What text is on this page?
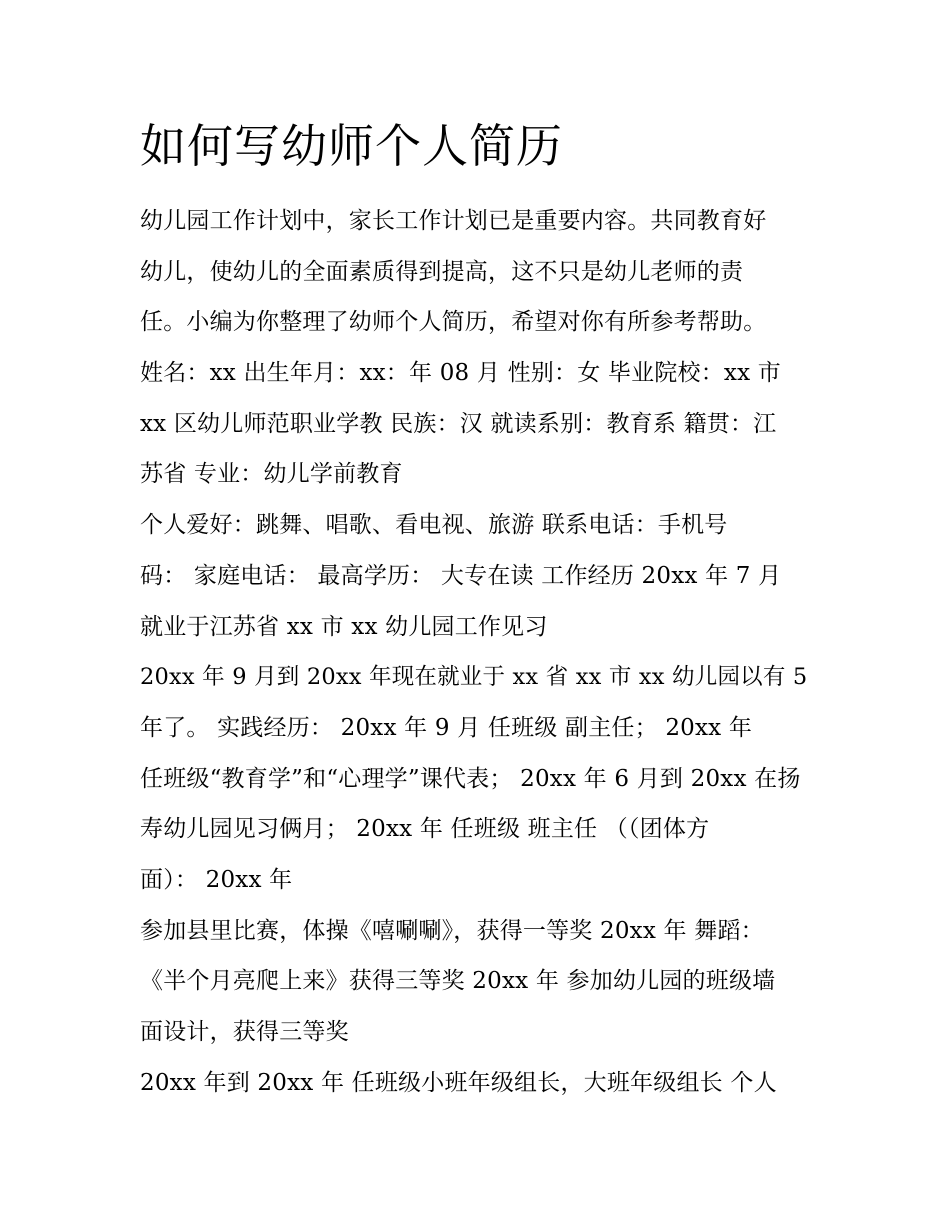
如何写幼师个人简历
幼儿园工作计划中，家长工作计划已是重要内容。共同教育好
幼儿，使幼儿的全面素质得到提高，这不只是幼儿老师的责
任。小编为你整理了幼师个人简历，希望对你有所参考帮助。
姓名：xx 出生年月：xx：年 08 月 性别：女 毕业院校：xx 市
xx 区幼儿师范职业学教 民族：汉 就读系别：教育系 籍贯：江
苏省 专业：幼儿学前教育
个人爱好：跳舞、唱歌、看电视、旅游 联系电话：手机号
码： 家庭电话： 最高学历： 大专在读 工作经历 20xx 年 7 月
就业于江苏省 xx 市 xx 幼儿园工作见习
20xx 年 9 月到 20xx 年现在就业于 xx 省 xx 市 xx 幼儿园以有 5
年了。 实践经历： 20xx 年 9 月 任班级 副主任； 20xx 年
任班级“教育学”和“心理学”课代表； 20xx 年 6 月到 20xx 在扬
寿幼儿园见习俩月； 20xx 年 任班级 班主任 （（团体方
面）： 20xx 年
参加县里比赛，体操《嘻唰唰》，获得一等奖 20xx 年 舞蹈：
《半个月亮爬上来》获得三等奖 20xx 年 参加幼儿园的班级墙
面设计，获得三等奖
20xx 年到 20xx 年 任班级小班年级组长，大班年级组长 个人
